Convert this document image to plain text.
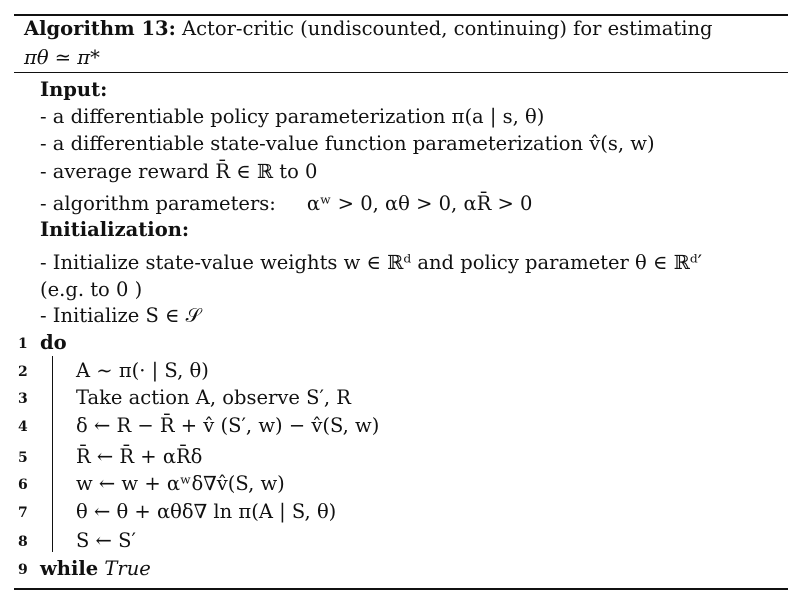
Algorithm 13: Actor-critic (undiscounted, continuing) for estimating
πθ ≃ π*
Input:
- a differentiable policy parameterization π(a | s, θ)
- a differentiable state-value function parameterization v̂(s, w)
- average reward R̄ ∈ ℝ to 0
- algorithm parameters:     αʷ > 0, αθ > 0, αR̄ > 0
Initialization:
- Initialize state-value weights w ∈ ℝᵈ and policy parameter θ ∈ ℝᵈ′
(e.g. to 0 )
- Initialize S ∈ 𝒮
1 do
2 A ∼ π(· | S, θ)
3 Take action A, observe S′, R
4 δ ← R − R̄ + v̂ (S′, w) − v̂(S, w)
5 R̄ ← R̄ + αR̄δ
6 w ← w + αʷδ∇v̂(S, w)
7 θ ← θ + αθδ∇ ln π(A | S, θ)
8 S ← S′
9 while True
